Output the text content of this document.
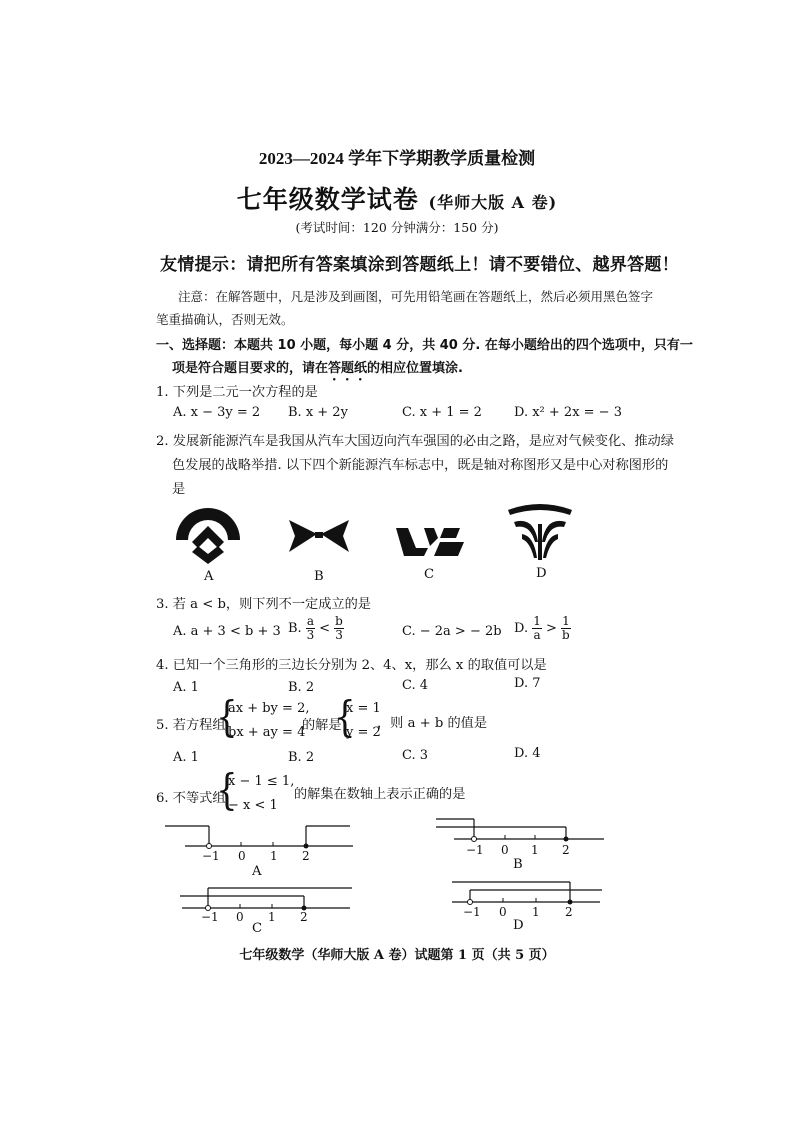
2023—2024 学年下学期教学质量检测
七年级数学试卷 (华师大版 A 卷)
(考试时间：120 分钟满分：150 分)
友情提示：请把所有答案填涂到答题纸上！请不要错位、越界答题！
注意：在解答题中，凡是涉及到画图，可先用铅笔画在答题纸上，然后必须用黑色签字
笔重描确认，否则无效。
一、选择题：本题共 10 小题，每小题 4 分，共 40 分. 在每小题给出的四个选项中，只有一
项是符合题目要求的，请在答题纸的相应位置填涂.
1. 下列是二元一次方程的是
A. x − 3y = 2 B. x + 2y	C. x + 1 = 2 D. x² + 2x = − 3
2. 发展新能源汽车是我国从汽车大国迈向汽车强国的必由之路，是应对气候变化、推动绿
色发展的战略举措. 以下四个新能源汽车标志中，既是轴对称图形又是中心对称图形的
是
A	B	C	D
3. 若 a < b，则下列不一定成立的是
A. a + 3 < b + 3 B. $\frac{a}{3} < \frac{b}{3}$	C. − 2a > − 2b D. $\frac{1}{a} > \frac{1}{b}$
4. 已知一个三角形的三边长分别为 2、4、x，那么 x 的取值可以是
A. 1	B. 2	C. 4	D. 7
5. 若方程组
{
ax + by = 2,
bx + ay = 4
的解是
{
x = 1
y = 2
，则 a + b 的值是
A. 1	B. 2	C. 3	D. 4
6. 不等式组
{
x − 1 ≤ 1,
− x < 1
的解集在数轴上表示正确的是
−1 0 1 2
A
−1 0 1 2
B
−1 0 1 2
C
−1 0 1 2
D
七年级数学（华师大版 A 卷）试题第 1 页（共 5 页）
